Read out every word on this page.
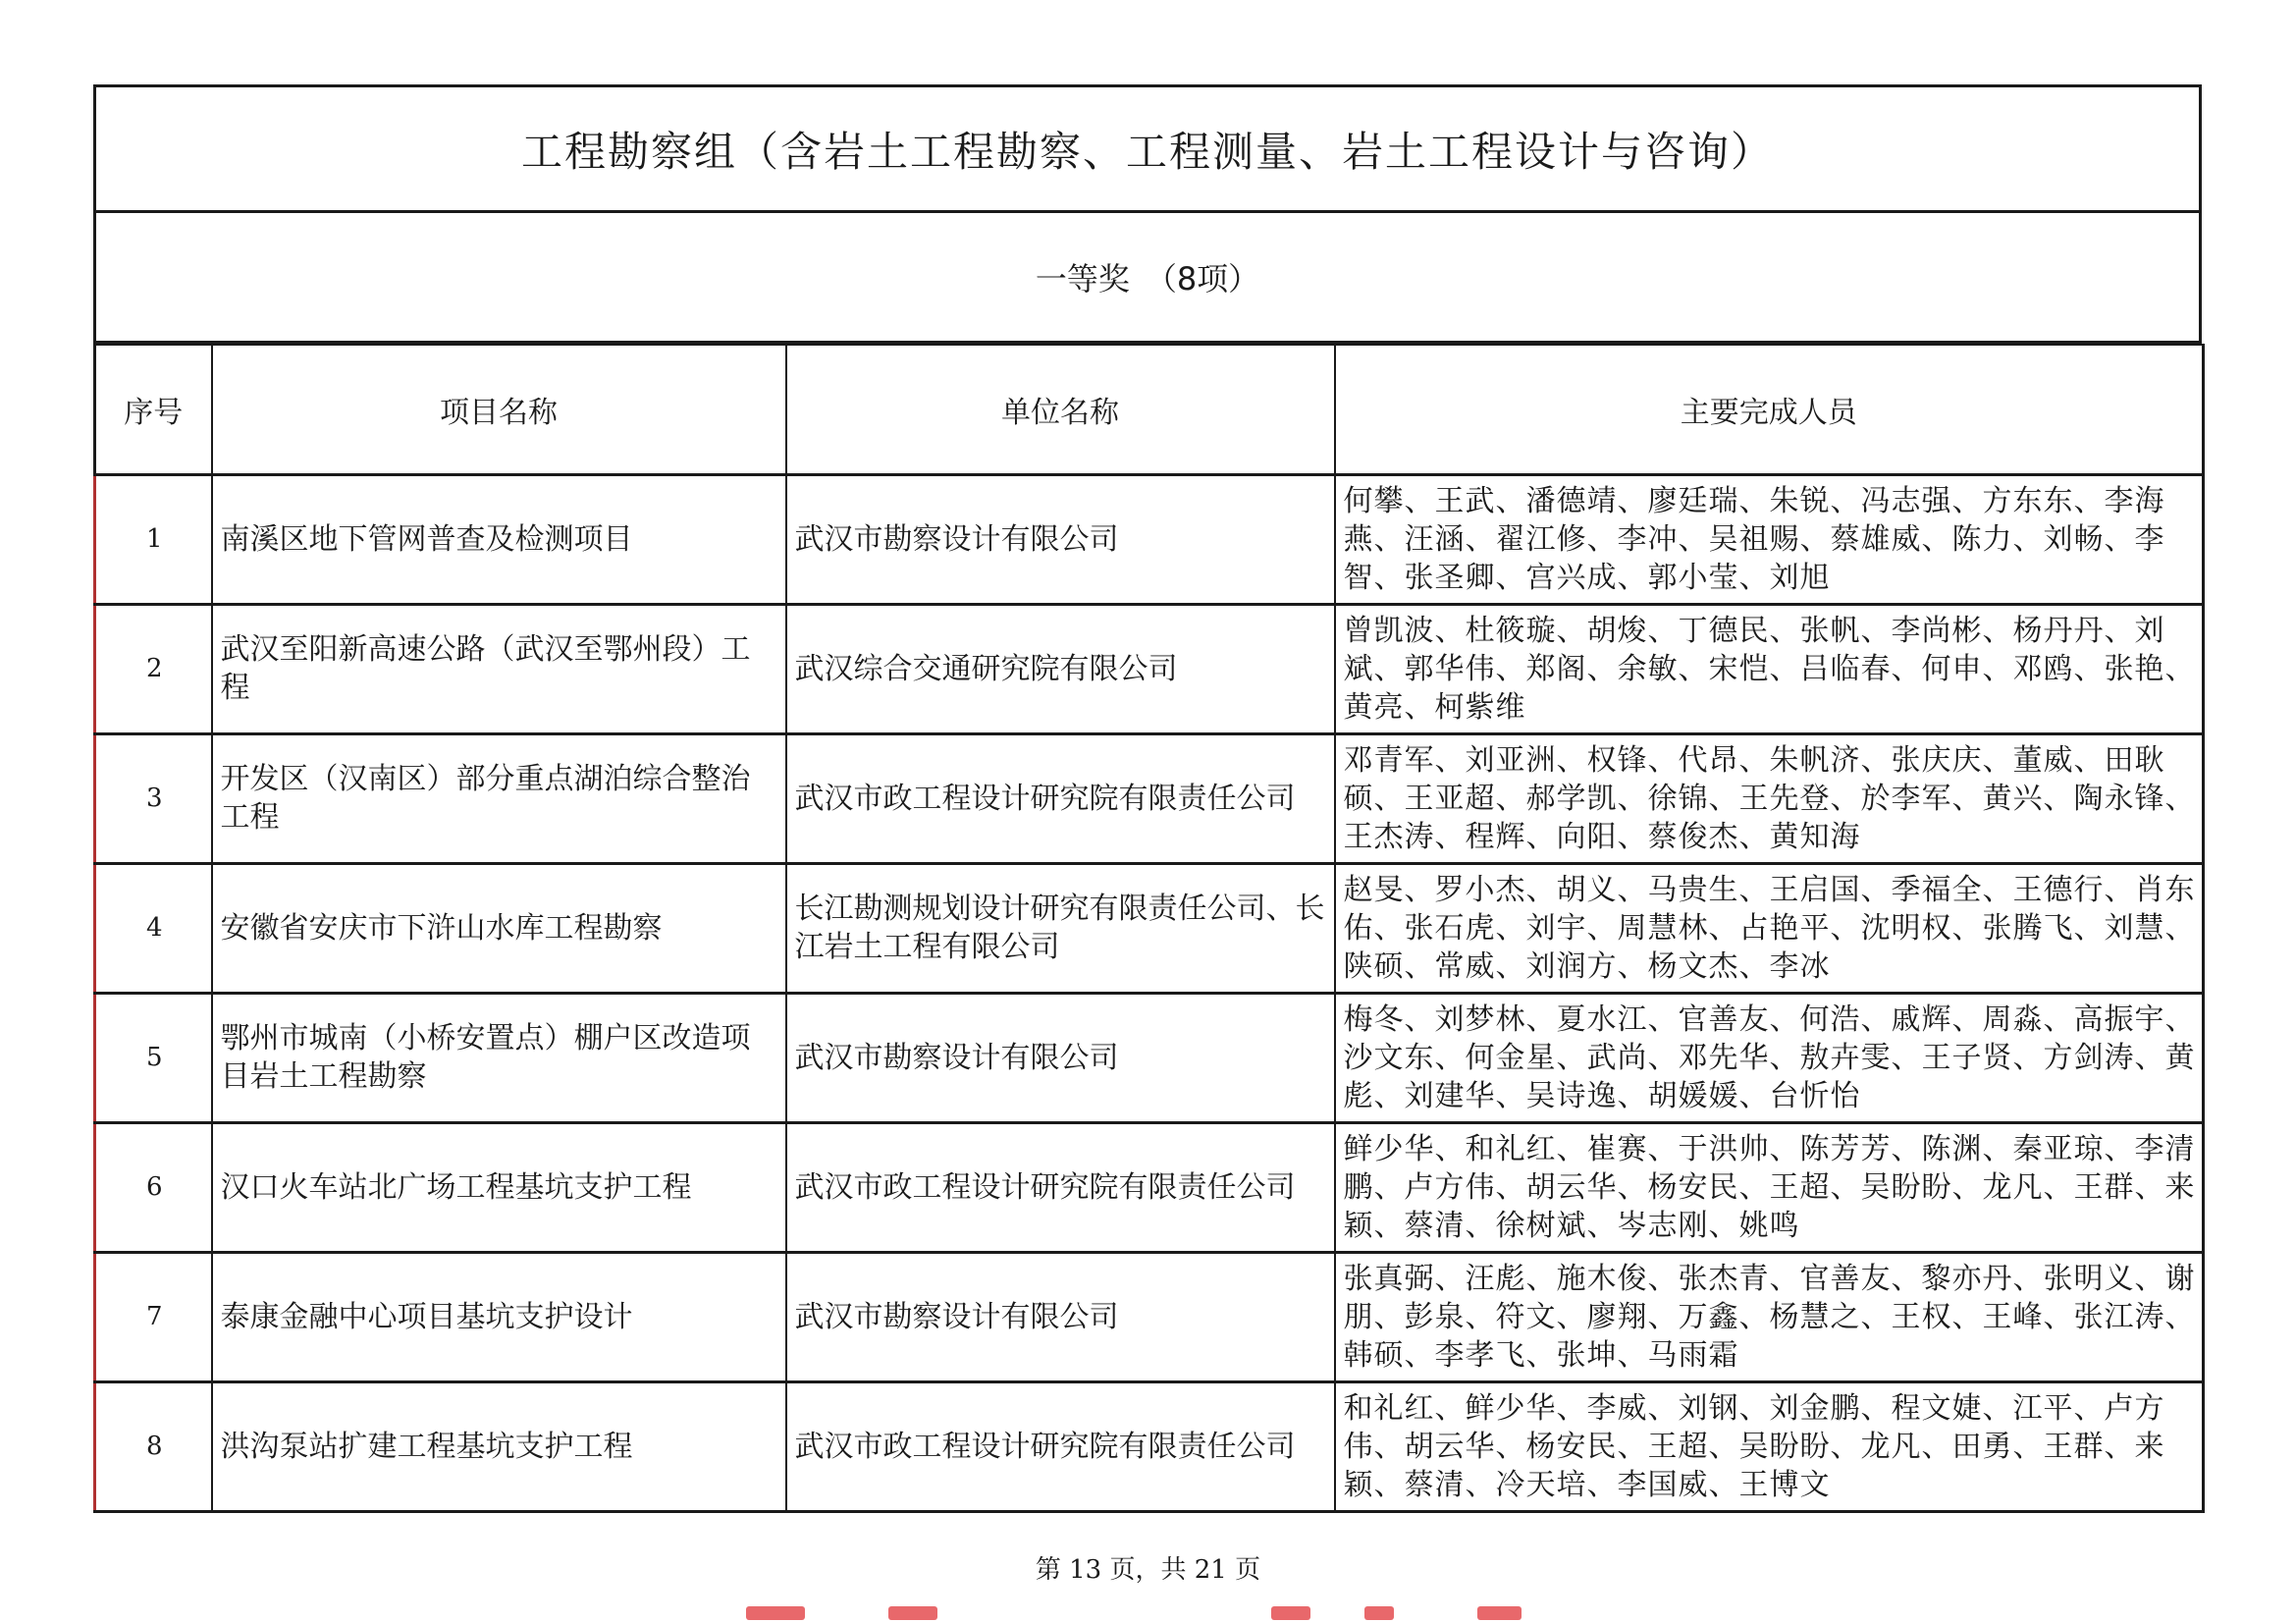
工程勘察组（含岩土工程勘察、工程测量、岩土工程设计与咨询）
一等奖　（8项）
序号	项目名称	单位名称	主要完成人员
1	南溪区地下管网普查及检测项目	武汉市勘察设计有限公司	何攀、王武、潘德靖、廖廷瑞、朱锐、冯志强、方东东、李海燕、汪涵、翟江修、李冲、吴祖赐、蔡雄威、陈力、刘畅、李智、张圣卿、宫兴成、郭小莹、刘旭
2	武汉至阳新高速公路（武汉至鄂州段）工程	武汉综合交通研究院有限公司	曾凯波、杜筱璇、胡焌、丁德民、张帆、李尚彬、杨丹丹、刘斌、郭华伟、郑阁、余敏、宋恺、吕临春、何申、邓鸥、张艳、黄亮、柯紫维
3	开发区（汉南区）部分重点湖泊综合整治工程	武汉市政工程设计研究院有限责任公司	邓青军、刘亚洲、权锋、代昂、朱帆济、张庆庆、董威、田耿硕、王亚超、郝学凯、徐锦、王先登、於李军、黄兴、陶永锋、王杰涛、程辉、向阳、蔡俊杰、黄知海
4	安徽省安庆市下浒山水库工程勘察	长江勘测规划设计研究有限责任公司、长江岩土工程有限公司	赵旻、罗小杰、胡义、马贵生、王启国、季福全、王德行、肖东佑、张石虎、刘宇、周慧林、占艳平、沈明权、张腾飞、刘慧、陕硕、常威、刘润方、杨文杰、李冰
5	鄂州市城南（小桥安置点）棚户区改造项目岩土工程勘察	武汉市勘察设计有限公司	梅冬、刘梦林、夏水江、官善友、何浩、戚辉、周淼、高振宇、沙文东、何金星、武尚、邓先华、敖卉雯、王子贤、方剑涛、黄彪、刘建华、吴诗逸、胡媛媛、台忻怡
6	汉口火车站北广场工程基坑支护工程	武汉市政工程设计研究院有限责任公司	鲜少华、和礼红、崔赛、于洪帅、陈芳芳、陈渊、秦亚琼、李清鹏、卢方伟、胡云华、杨安民、王超、吴盼盼、龙凡、王群、来颖、蔡清、徐树斌、岑志刚、姚鸣
7	泰康金融中心项目基坑支护设计	武汉市勘察设计有限公司	张真弼、汪彪、施木俊、张杰青、官善友、黎亦丹、张明义、谢朋、彭泉、符文、廖翔、万鑫、杨慧之、王权、王峰、张江涛、韩硕、李孝飞、张坤、马雨霜
8	洪沟泵站扩建工程基坑支护工程	武汉市政工程设计研究院有限责任公司	和礼红、鲜少华、李威、刘钢、刘金鹏、程文婕、江平、卢方伟、胡云华、杨安民、王超、吴盼盼、龙凡、田勇、王群、来颖、蔡清、冷天培、李国威、王博文
第 13 页，共 21 页
